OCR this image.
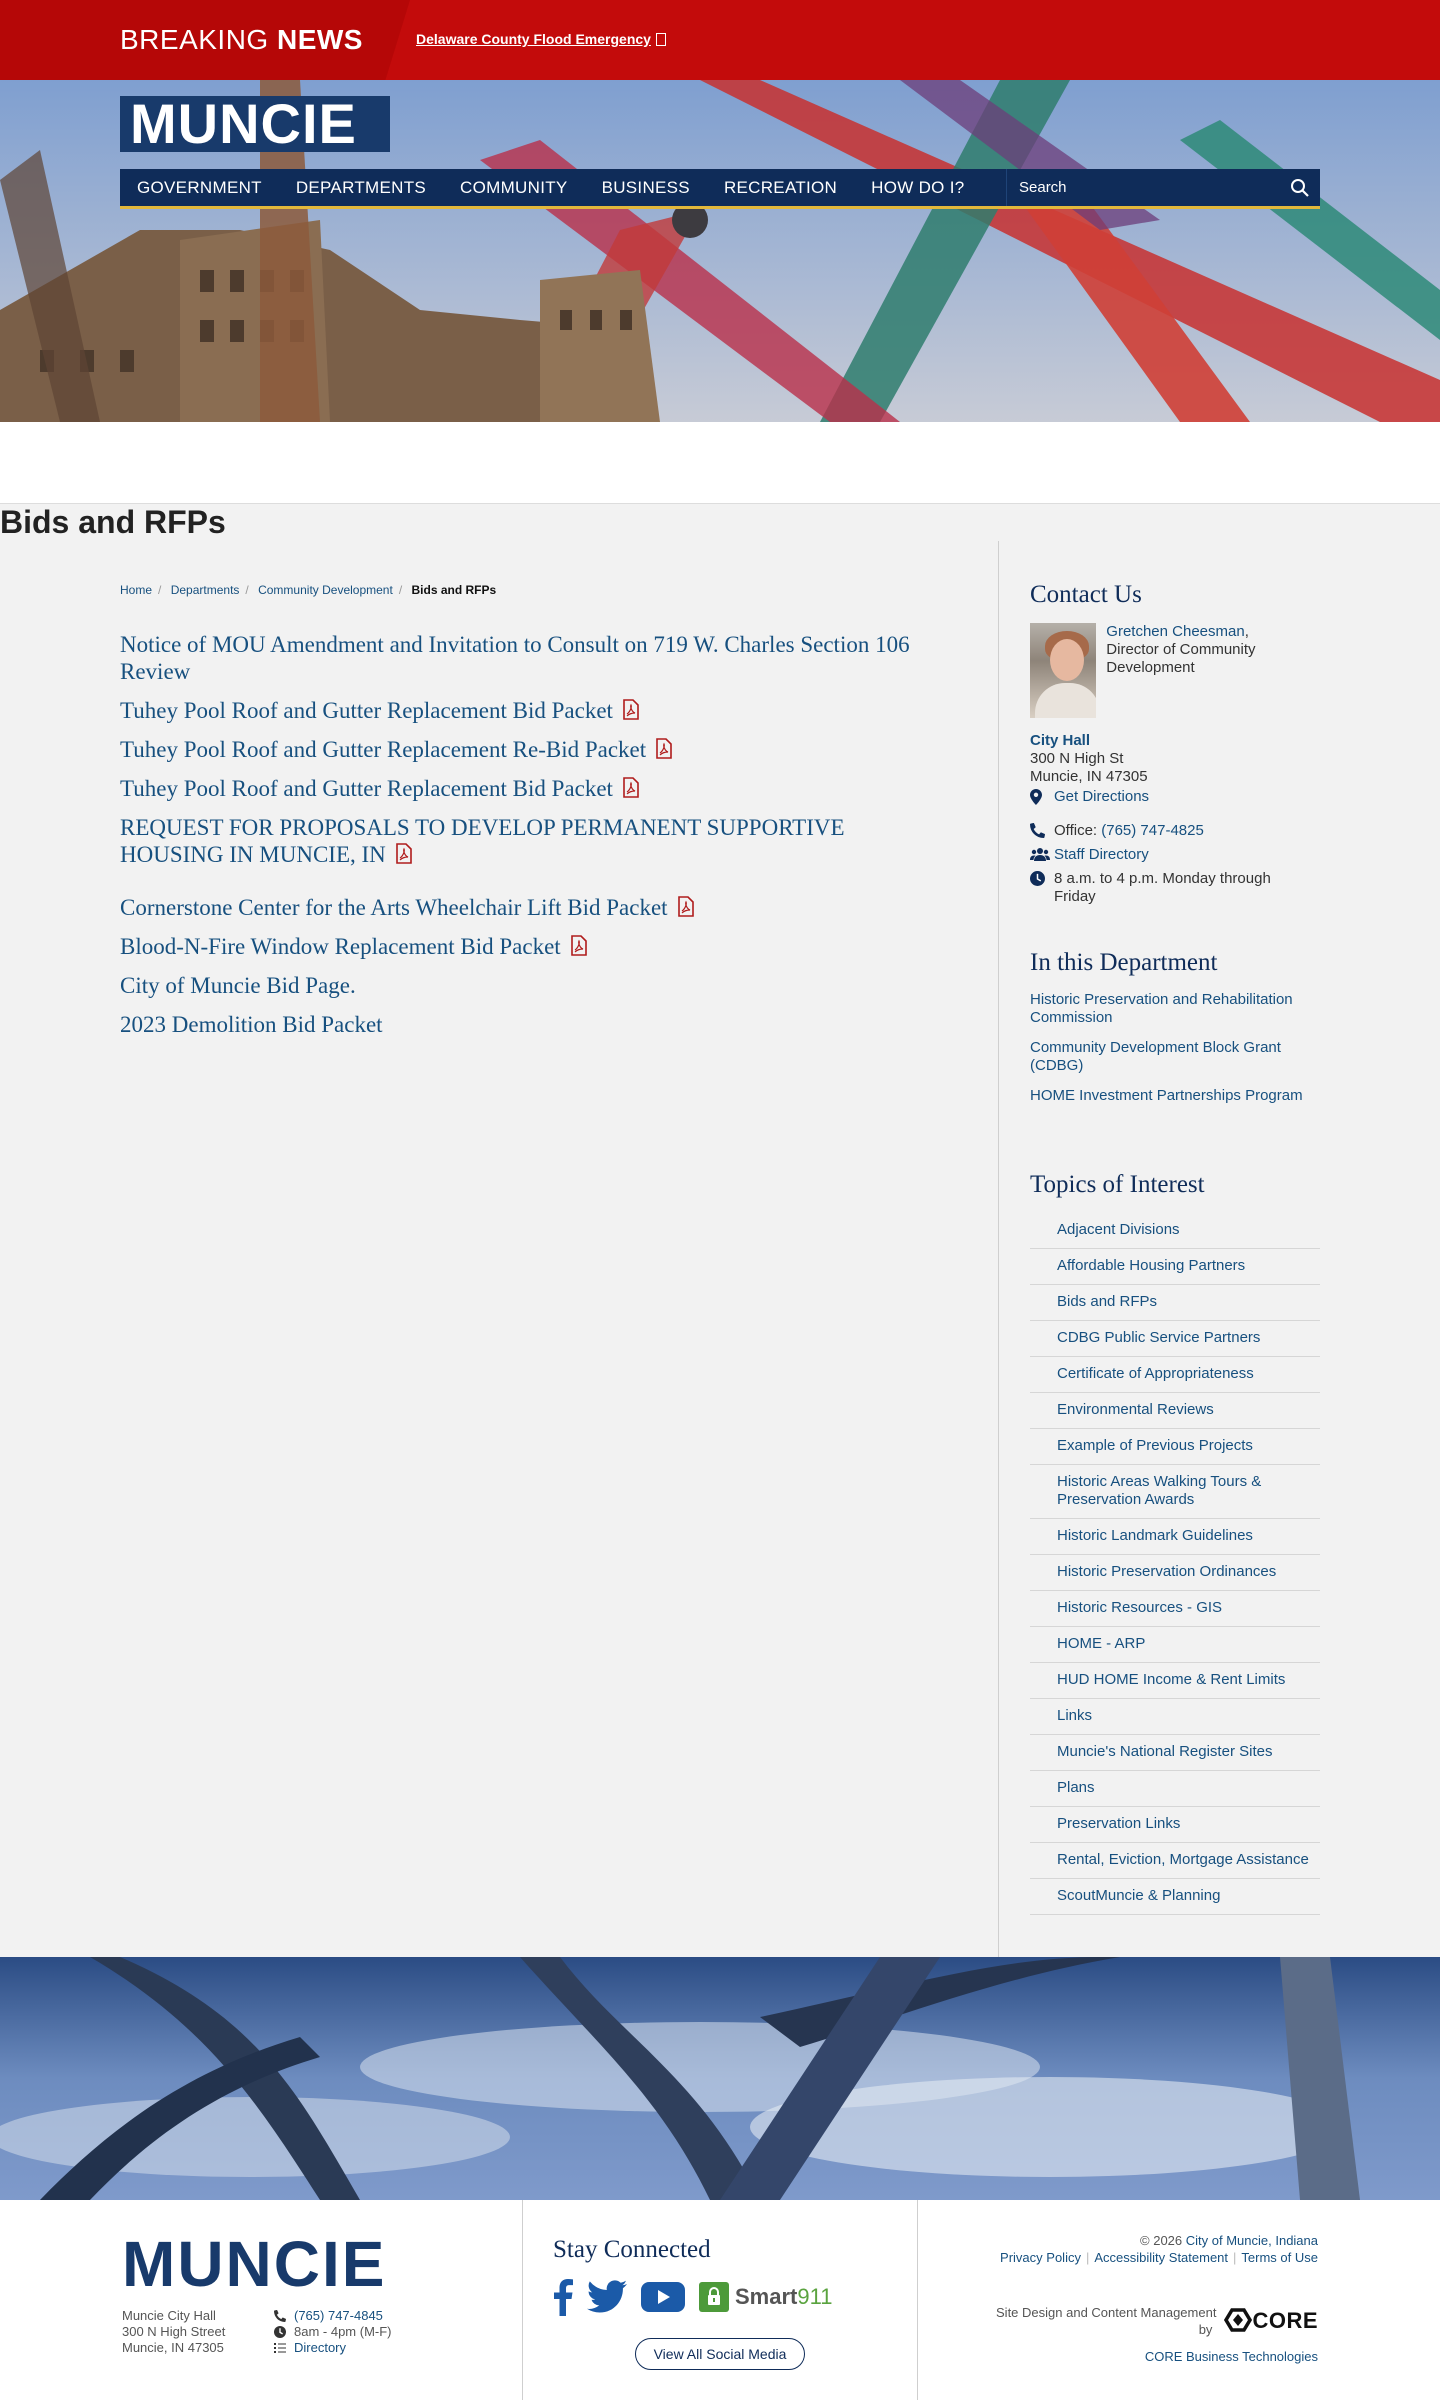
BREAKING NEWS	Delaware County Flood Emergency
MUNCIE
GOVERNMENT	DEPARTMENTS	COMMUNITY	BUSINESS	RECREATION	HOW DO I?
Search
Bids and RFPs
Home / Departments / Community Development / Bids and RFPs
Notice of MOU Amendment and Invitation to Consult on 719 W. Charles Section 106 Review
Tuhey Pool Roof and Gutter Replacement Bid Packet
Tuhey Pool Roof and Gutter Replacement Re-Bid Packet
Tuhey Pool Roof and Gutter Replacement Bid Packet
REQUEST FOR PROPOSALS TO DEVELOP PERMANENT SUPPORTIVE HOUSING IN MUNCIE, IN
Cornerstone Center for the Arts Wheelchair Lift Bid Packet
Blood-N-Fire Window Replacement Bid Packet
City of Muncie Bid Page.
2023 Demolition Bid Packet
Contact Us
Gretchen Cheesman,
Director of Community Development
City Hall
300 N High St
Muncie, IN 47305
Get Directions
Office:
(765) 747-4825
Staff Directory
8 a.m. to 4 p.m. Monday through Friday
In this Department
Historic Preservation and Rehabilitation Commission
Community Development Block Grant (CDBG)
HOME Investment Partnerships Program
Topics of Interest
Adjacent Divisions
Affordable Housing Partners
Bids and RFPs
CDBG Public Service Partners
Certificate of Appropriateness
Environmental Reviews
Example of Previous Projects
Historic Areas Walking Tours & Preservation Awards
Historic Landmark Guidelines
Historic Preservation Ordinances
Historic Resources - GIS
HOME - ARP
HUD HOME Income & Rent Limits
Links
Muncie's National Register Sites
Plans
Preservation Links
Rental, Eviction, Mortgage Assistance
ScoutMuncie & Planning
MUNCIE
Muncie City Hall
300 N High Street
Muncie, IN 47305
(765) 747-4845
8am - 4pm (M-F)
Directory
Stay Connected
Smart911
View All Social Media
© 2026 City of Muncie, Indiana
Privacy Policy | Accessibility Statement | Terms of Use
Site Design and Content Management
by CORE
CORE Business Technologies
